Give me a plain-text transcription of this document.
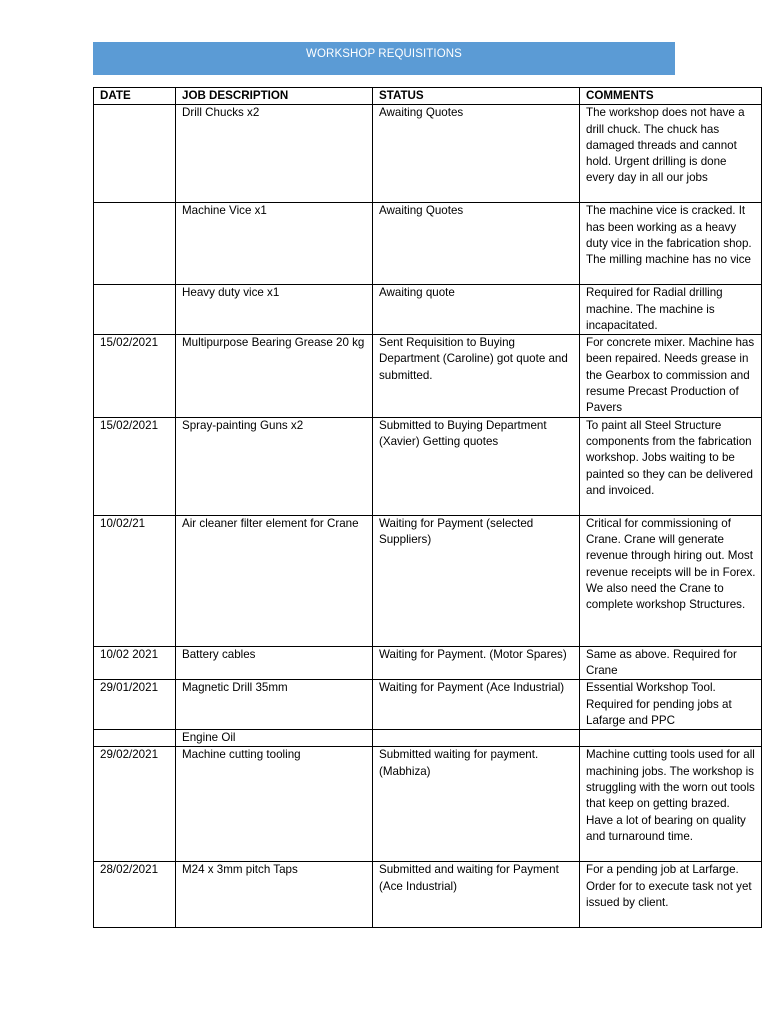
WORKSHOP REQUISITIONS
DATE	JOB DESCRIPTION	STATUS	COMMENTS
	Drill Chucks x2	Awaiting Quotes	The workshop does not have a drill chuck. The chuck has damaged threads and cannot hold. Urgent drilling is done every day in all our jobs
	Machine Vice x1	Awaiting Quotes	The machine vice is cracked. It has been working as a heavy duty vice in the fabrication shop. The milling machine has no vice
	Heavy duty vice x1	Awaiting quote	Required for Radial drilling machine. The machine is incapacitated.
15/02/2021	Multipurpose Bearing Grease 20 kg	Sent Requisition to Buying Department (Caroline) got quote and submitted.	For concrete mixer. Machine has been repaired. Needs grease in the Gearbox to commission and resume Precast Production of Pavers
15/02/2021	Spray-painting Guns x2	Submitted to Buying Department (Xavier) Getting quotes	To paint all Steel Structure components from the fabrication workshop. Jobs waiting to be painted so they can be delivered and invoiced.
10/02/21	Air cleaner filter element for Crane	Waiting for Payment (selected Suppliers)	Critical for commissioning of Crane. Crane will generate revenue through hiring out. Most revenue receipts will be in Forex.
We also need the Crane to complete workshop Structures.
10/02 2021	Battery cables	Waiting for Payment. (Motor Spares)	Same as above. Required for Crane
29/01/2021	Magnetic Drill 35mm	Waiting for Payment (Ace Industrial)	Essential Workshop Tool. Required for pending jobs at Lafarge and PPC
	Engine Oil		
29/02/2021	Machine cutting tooling	Submitted waiting for payment. (Mabhiza)	Machine cutting tools used for all machining jobs. The workshop is struggling with the worn out tools that keep on getting brazed. Have a lot of bearing on quality and turnaround time.
28/02/2021	M24 x 3mm pitch Taps	Submitted and waiting for Payment (Ace Industrial)	For a pending job at Larfarge. Order for to execute task not yet issued by client.
